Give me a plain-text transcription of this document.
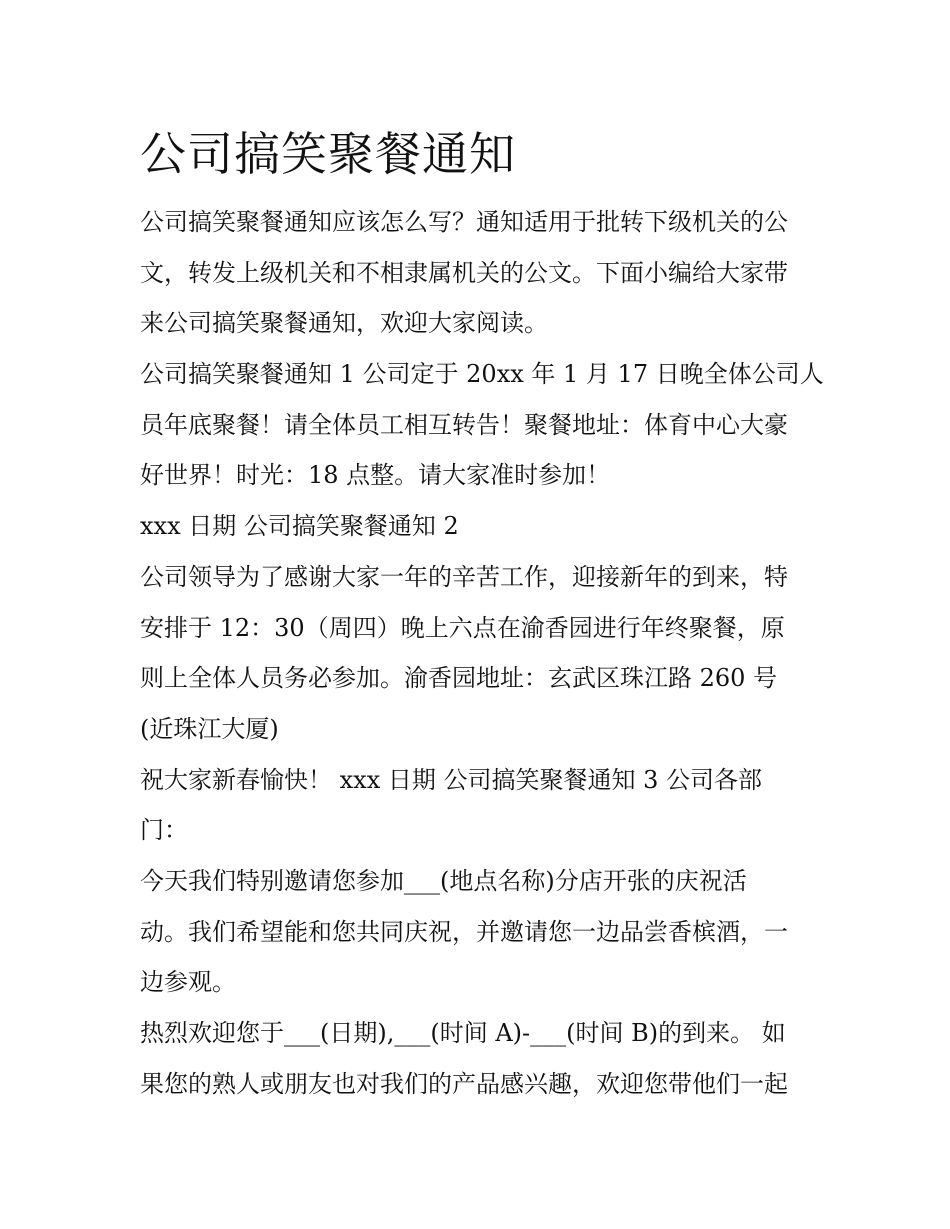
公司搞笑聚餐通知
公司搞笑聚餐通知应该怎么写？通知适用于批转下级机关的公
文，转发上级机关和不相隶属机关的公文。下面小编给大家带
来公司搞笑聚餐通知，欢迎大家阅读。
公司搞笑聚餐通知 1 公司定于 20xx 年 1 月 17 日晚全体公司人
员年底聚餐！请全体员工相互转告！聚餐地址：体育中心大豪
好世界！时光：18 点整。请大家准时参加！
xxx 日期 公司搞笑聚餐通知 2
公司领导为了感谢大家一年的辛苦工作，迎接新年的到来，特
安排于 12：30（周四）晚上六点在渝香园进行年终聚餐，原
则上全体人员务必参加。渝香园地址：玄武区珠江路 260 号
(近珠江大厦)
祝大家新春愉快！ xxx 日期 公司搞笑聚餐通知 3 公司各部
门：
今天我们特别邀请您参加___(地点名称)分店开张的庆祝活
动。我们希望能和您共同庆祝，并邀请您一边品尝香槟酒，一
边参观。
热烈欢迎您于___(日期),___(时间 A)-___(时间 B)的到来。 如
果您的熟人或朋友也对我们的产品感兴趣，欢迎您带他们一起
